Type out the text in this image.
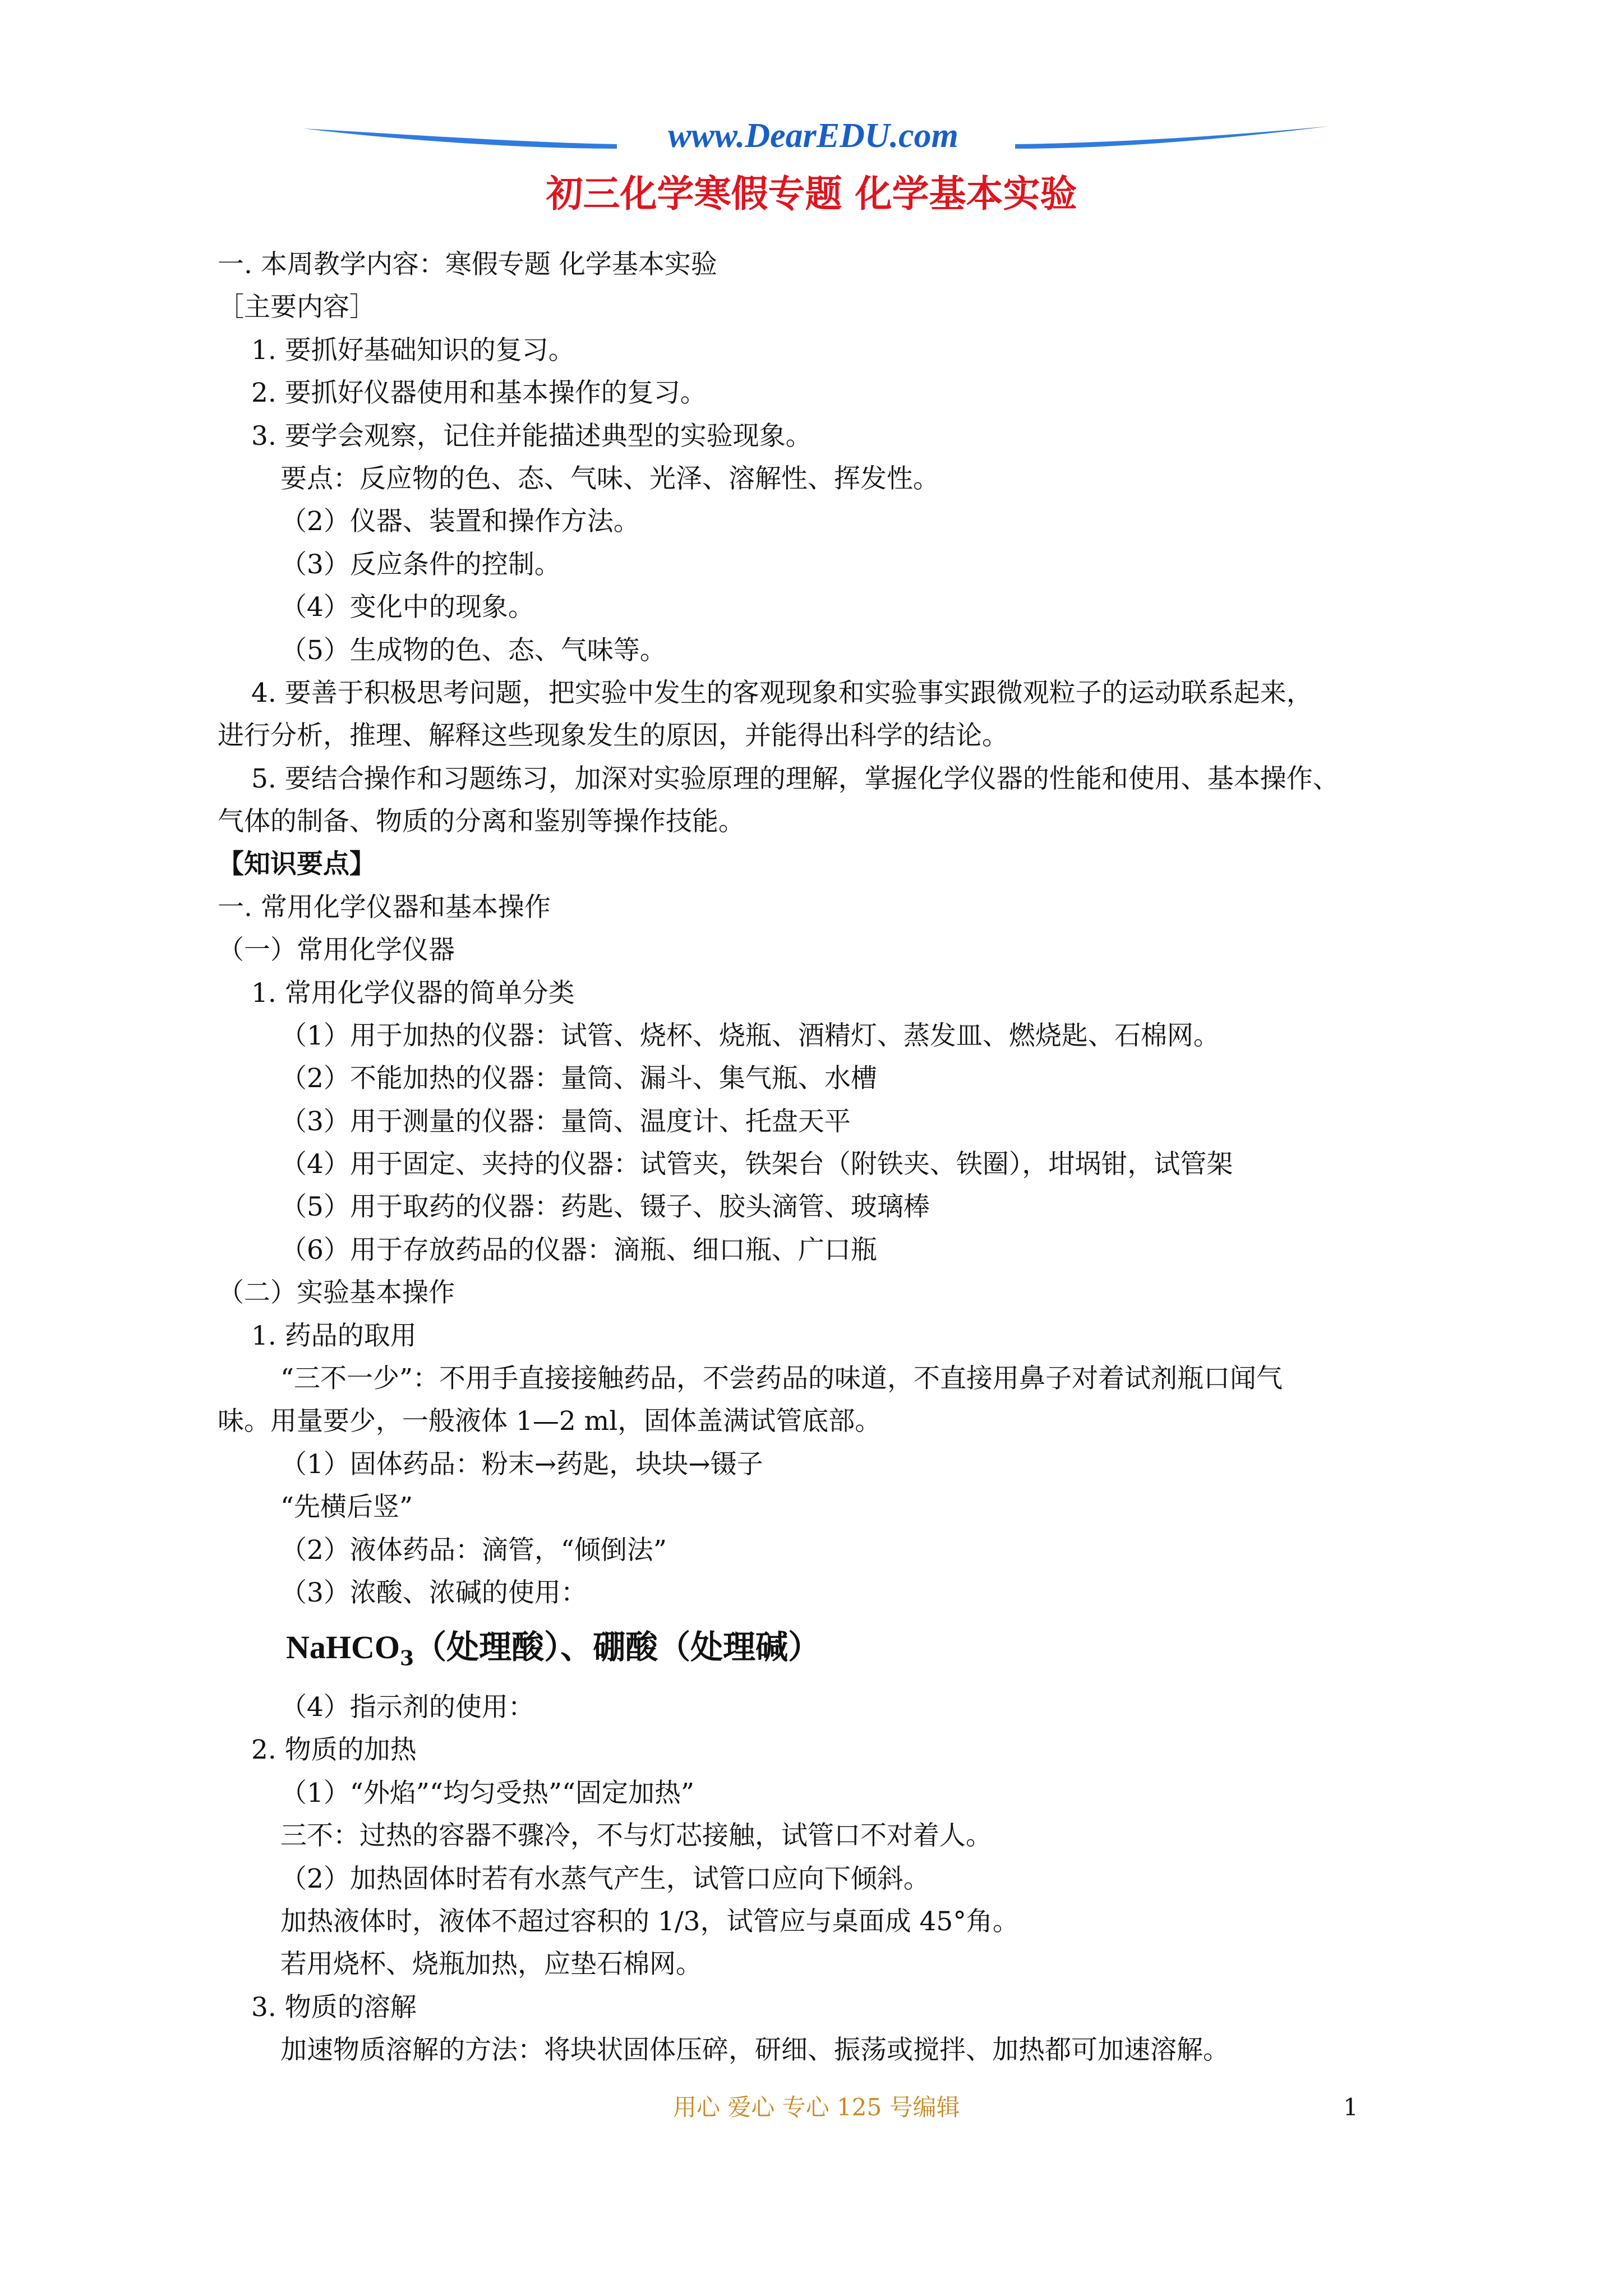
www.DearEDU.com
初三化学寒假专题 化学基本实验
一. 本周教学内容：寒假专题 化学基本实验
［主要内容］
1. 要抓好基础知识的复习。
2. 要抓好仪器使用和基本操作的复习。
3. 要学会观察，记住并能描述典型的实验现象。
要点：反应物的色、态、气味、光泽、溶解性、挥发性。
（2）仪器、装置和操作方法。
（3）反应条件的控制。
（4）变化中的现象。
（5）生成物的色、态、气味等。
4. 要善于积极思考问题，把实验中发生的客观现象和实验事实跟微观粒子的运动联系起来，
进行分析，推理、解释这些现象发生的原因，并能得出科学的结论。
5. 要结合操作和习题练习，加深对实验原理的理解，掌握化学仪器的性能和使用、基本操作、
气体的制备、物质的分离和鉴别等操作技能。
【知识要点】
一. 常用化学仪器和基本操作
（一）常用化学仪器
1. 常用化学仪器的简单分类
（1）用于加热的仪器：试管、烧杯、烧瓶、酒精灯、蒸发皿、燃烧匙、石棉网。
（2）不能加热的仪器：量筒、漏斗、集气瓶、水槽
（3）用于测量的仪器：量筒、温度计、托盘天平
（4）用于固定、夹持的仪器：试管夹，铁架台（附铁夹、铁圈），坩埚钳，试管架
（5）用于取药的仪器：药匙、镊子、胶头滴管、玻璃棒
（6）用于存放药品的仪器：滴瓶、细口瓶、广口瓶
（二）实验基本操作
1. 药品的取用
“三不一少”：不用手直接接触药品，不尝药品的味道，不直接用鼻子对着试剂瓶口闻气
味。用量要少，一般液体 1—2 ml，固体盖满试管底部。
（1）固体药品：粉末→药匙，块块→镊子
“先横后竖”
（2）液体药品：滴管，“倾倒法”
（3）浓酸、浓碱的使用：
NaHCO$_3$（处理酸）、硼酸（处理碱）
（4）指示剂的使用：
2. 物质的加热
（1）“外焰”“均匀受热”“固定加热”
三不：过热的容器不骤冷，不与灯芯接触，试管口不对着人。
（2）加热固体时若有水蒸气产生，试管口应向下倾斜。
加热液体时，液体不超过容积的 1/3，试管应与桌面成 45°角。
若用烧杯、烧瓶加热，应垫石棉网。
3. 物质的溶解
加速物质溶解的方法：将块状固体压碎，研细、振荡或搅拌、加热都可加速溶解。
用心 爱心 专心 125 号编辑	1
